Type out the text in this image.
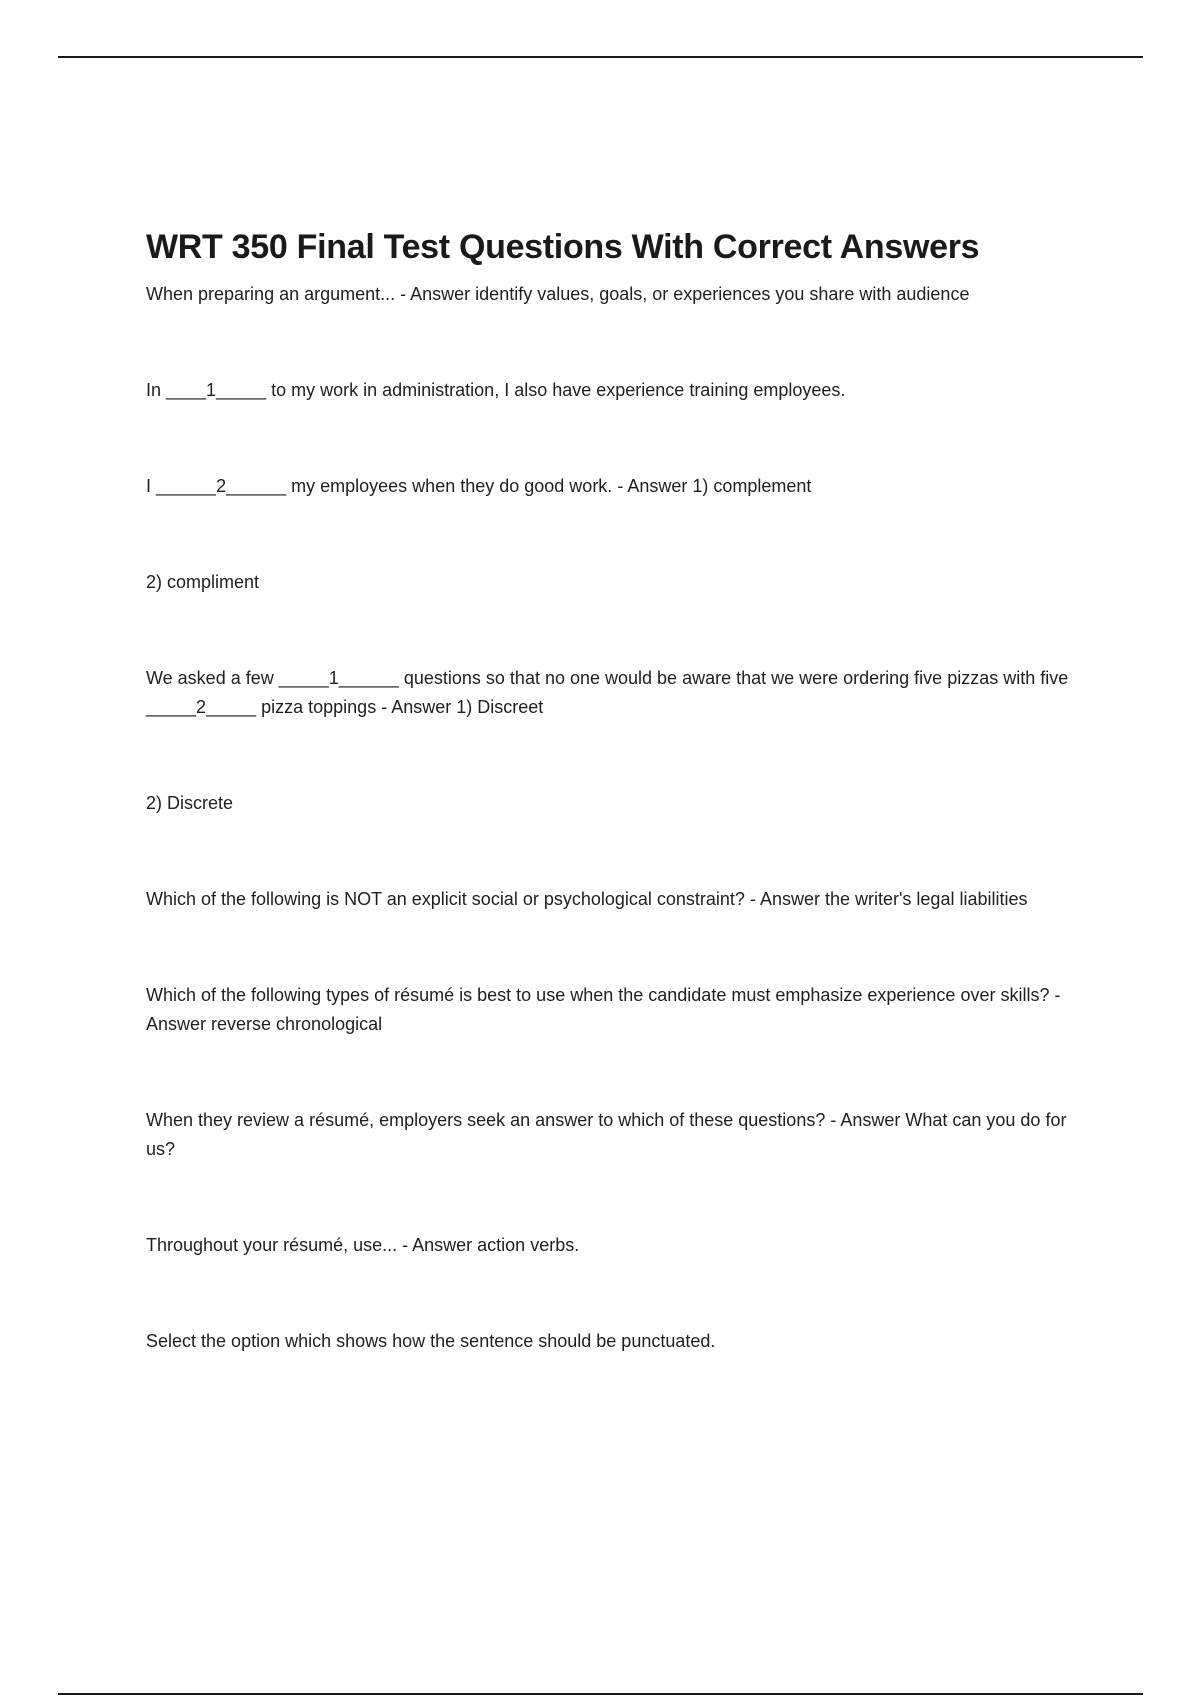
WRT 350 Final Test Questions With Correct Answers

When preparing an argument... - Answer identify values, goals, or experiences you share with audience

In ____1_____ to my work in administration, I also have experience training employees.

I ______2______ my employees when they do good work. - Answer 1) complement

2) compliment

We asked a few _____1______ questions so that no one would be aware that we were ordering five pizzas with five _____2_____ pizza toppings - Answer 1) Discreet

2) Discrete

Which of the following is NOT an explicit social or psychological constraint? - Answer the writer's legal liabilities

Which of the following types of résumé is best to use when the candidate must emphasize experience over skills? - Answer reverse chronological

When they review a résumé, employers seek an answer to which of these questions? - Answer What can you do for us?

Throughout your résumé, use... - Answer action verbs.

Select the option which shows how the sentence should be punctuated.
